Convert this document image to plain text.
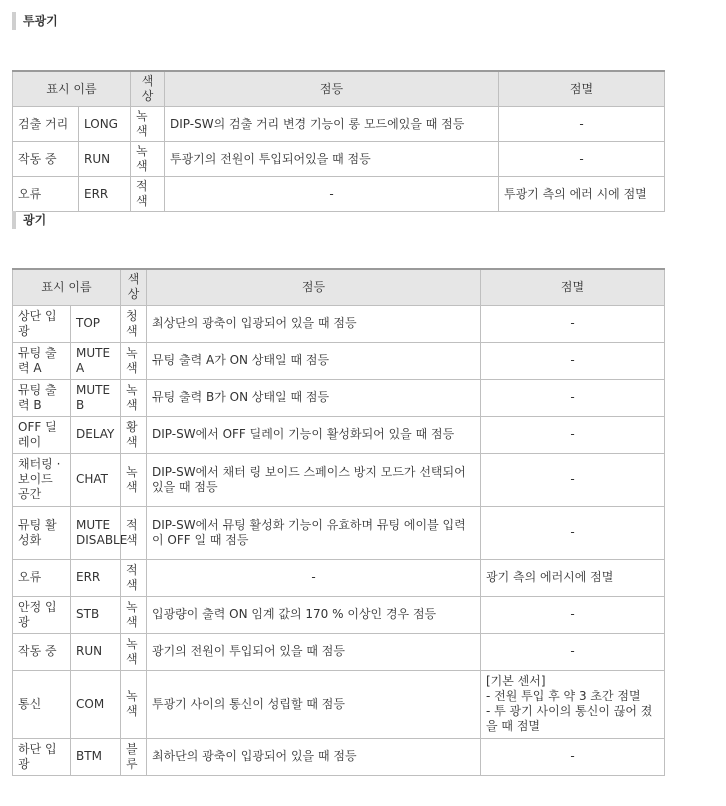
투광기
표시 이름		색상	점등	점멸
검출 거리	LONG	녹색	DIP-SW의 검출 거리 변경 기능이 롱 모드에있을 때 점등	-
작동 중	RUN	녹색	투광기의 전원이 투입되어있을 때 점등	-
오류	ERR	적색	-	투광기 측의 에러 시에 점멸
광기
표시 이름		색상	점등	점멸
상단 입광	TOP	청색	최상단의 광축이 입광되어 있을 때 점등	-
뮤팅 출력 A	MUTE A	녹색	뮤팅 출력 A가 ON 상태일 때 점등	-
뮤팅 출력 B	MUTE B	녹색	뮤팅 출력 B가 ON 상태일 때 점등	-
OFF 딜레이	DELAY	황색	DIP-SW에서 OFF 딜레이 기능이 활성화되어 있을 때 점등	-
채터링 · 보이드 공간	CHAT	녹색	DIP-SW에서 채터 링 보이드 스페이스 방지 모드가 선택되어 있을 때 점등	-
뮤팅 활성화	MUTE DISABLE	적색	DIP-SW에서 뮤팅 활성화 기능이 유효하며 뮤팅 에이블 입력이 OFF 일 때 점등	-
오류	ERR	적색	-	광기 측의 에러시에 점멸
안정 입광	STB	녹색	입광량이 출력 ON 임계 값의 170 % 이상인 경우 점등	-
작동 중	RUN	녹색	광기의 전원이 투입되어 있을 때 점등	-
통신	COM	녹색	투광기 사이의 통신이 성립할 때 점등	[기본 센서]
- 전원 투입 후 약 3 초간 점멸
- 투 광기 사이의 통신이 끊어 졌을 때 점멸
하단 입광	BTM	블루	최하단의 광축이 입광되어 있을 때 점등	-
